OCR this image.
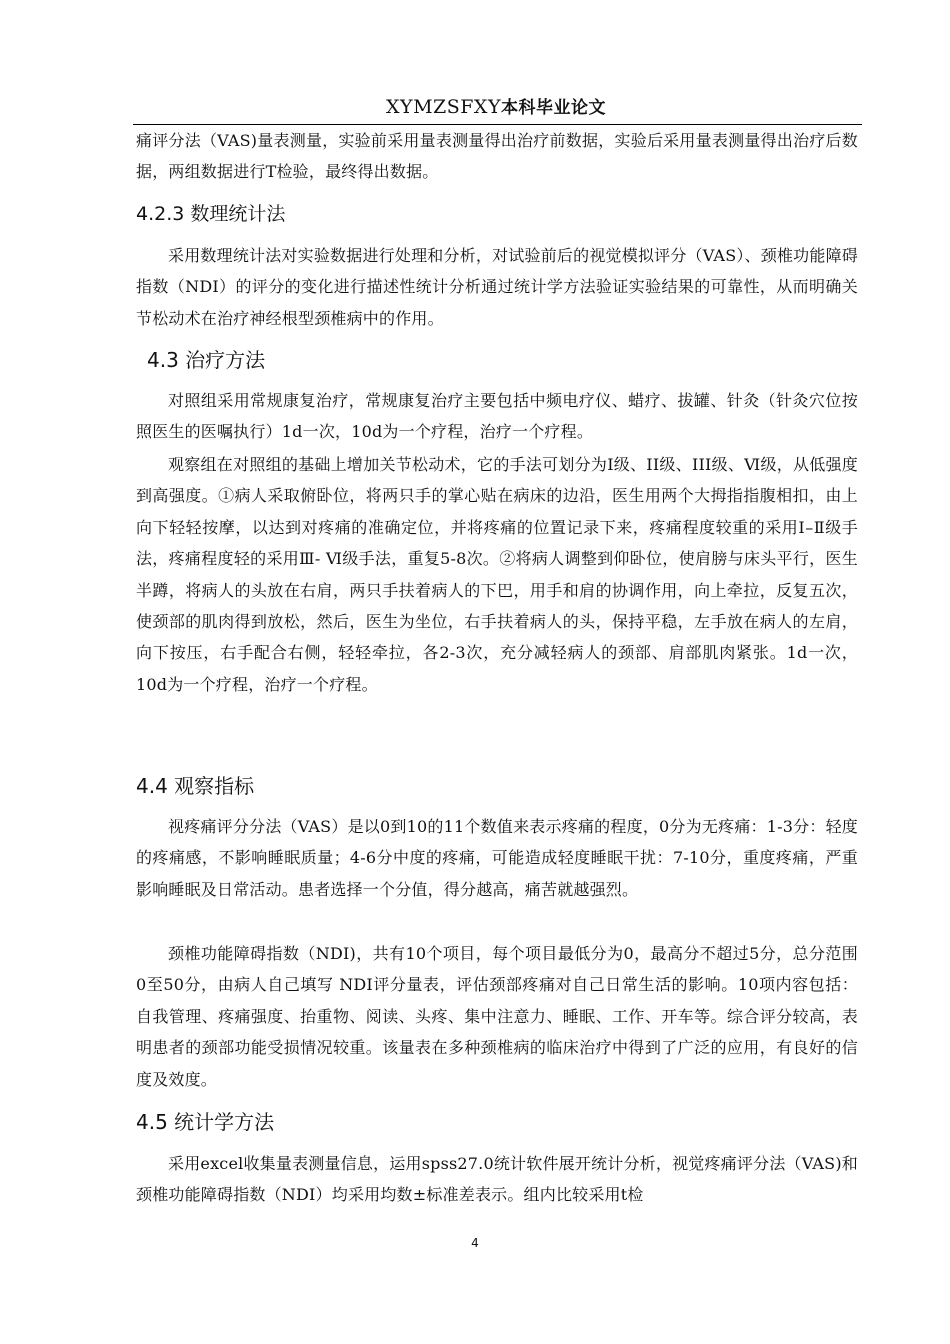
XYMZSFXY本科毕业论文

痛评分法（VAS)量表测量，实验前采用量表测量得出治疗前数据，实验后采用量表测量得出治疗后数据，两组数据进行T检验，最终得出数据。

4.2.3 数理统计法

采用数理统计法对实验数据进行处理和分析，对试验前后的视觉模拟评分（VAS）、颈椎功能障碍指数（NDI）的评分的变化进行描述性统计分析通过统计学方法验证实验结果的可靠性，从而明确关节松动术在治疗神经根型颈椎病中的作用。

4.3 治疗方法

对照组采用常规康复治疗，常规康复治疗主要包括中频电疗仪、蜡疗、拔罐、针灸（针灸穴位按照医生的医嘱执行）1d一次，10d为一个疗程，治疗一个疗程。

观察组在对照组的基础上增加关节松动术，它的手法可划分为Ⅰ级、II级、III级、Ⅵ级，从低强度到高强度。①病人采取俯卧位，将两只手的掌心贴在病床的边沿，医生用两个大拇指指腹相扣，由上向下轻轻按摩，以达到对疼痛的准确定位，并将疼痛的位置记录下来，疼痛程度较重的采用Ⅰ–Ⅱ级手法，疼痛程度轻的采用Ⅲ- Ⅵ级手法，重复5-8次。②将病人调整到仰卧位，使肩膀与床头平行，医生半蹲，将病人的头放在右肩，两只手扶着病人的下巴，用手和肩的协调作用，向上牵拉，反复五次，使颈部的肌肉得到放松，然后，医生为坐位，右手扶着病人的头，保持平稳，左手放在病人的左肩，向下按压，右手配合右侧，轻轻牵拉，各2-3次，充分减轻病人的颈部、肩部肌肉紧张。1d一次，10d为一个疗程，治疗一个疗程。

4.4 观察指标

视疼痛评分分法（VAS）是以0到10的11个数值来表示疼痛的程度，0分为无疼痛：1-3分：轻度的疼痛感，不影响睡眠质量；4-6分中度的疼痛，可能造成轻度睡眠干扰：7-10分，重度疼痛，严重影响睡眠及日常活动。患者选择一个分值，得分越高，痛苦就越强烈。

颈椎功能障碍指数（NDI)，共有10个项目，每个项目最低分为0，最高分不超过5分，总分范围0至50分，由病人自己填写 NDI评分量表，评估颈部疼痛对自己日常生活的影响。10项内容包括：自我管理、疼痛强度、抬重物、阅读、头疼、集中注意力、睡眠、工作、开车等。综合评分较高，表明患者的颈部功能受损情况较重。该量表在多种颈椎病的临床治疗中得到了广泛的应用，有良好的信度及效度。

4.5 统计学方法

采用excel收集量表测量信息，运用spss27.0统计软件展开统计分析，视觉疼痛评分法（VAS)和颈椎功能障碍指数（NDI）均采用均数±标准差表示。组内比较采用t检

4
